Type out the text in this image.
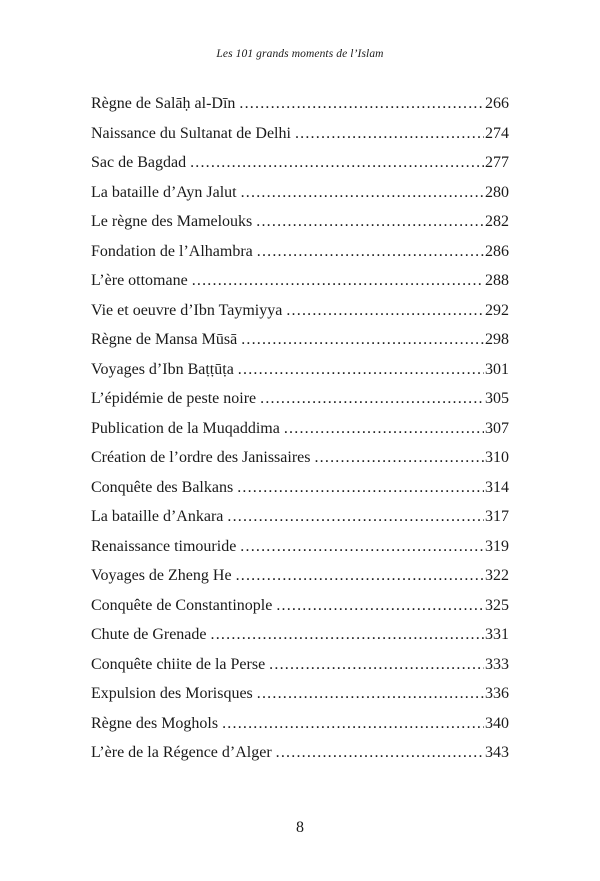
Les 101 grands moments de l’Islam
Règne de Salāḥ al-Dīn .....	266
Naissance du Sultanat de Delhi .....	274
Sac de Bagdad .....	277
La bataille d’Ayn Jalut .....	280
Le règne des Mamelouks .....	282
Fondation de l’Alhambra .....	286
L’ère ottomane .....	288
Vie et oeuvre d’Ibn Taymiyya .....	292
Règne de Mansa Mūsā .....	298
Voyages d’Ibn Baṭṭūṭa .....	301
L’épidémie de peste noire .....	305
Publication de la Muqaddima .....	307
Création de l’ordre des Janissaires .....	310
Conquête des Balkans .....	314
La bataille d’Ankara .....	317
Renaissance timouride .....	319
Voyages de Zheng He .....	322
Conquête de Constantinople .....	325
Chute de Grenade .....	331
Conquête chiite de la Perse .....	333
Expulsion des Morisques .....	336
Règne des Moghols .....	340
L’ère de la Régence d’Alger .....	343
8
